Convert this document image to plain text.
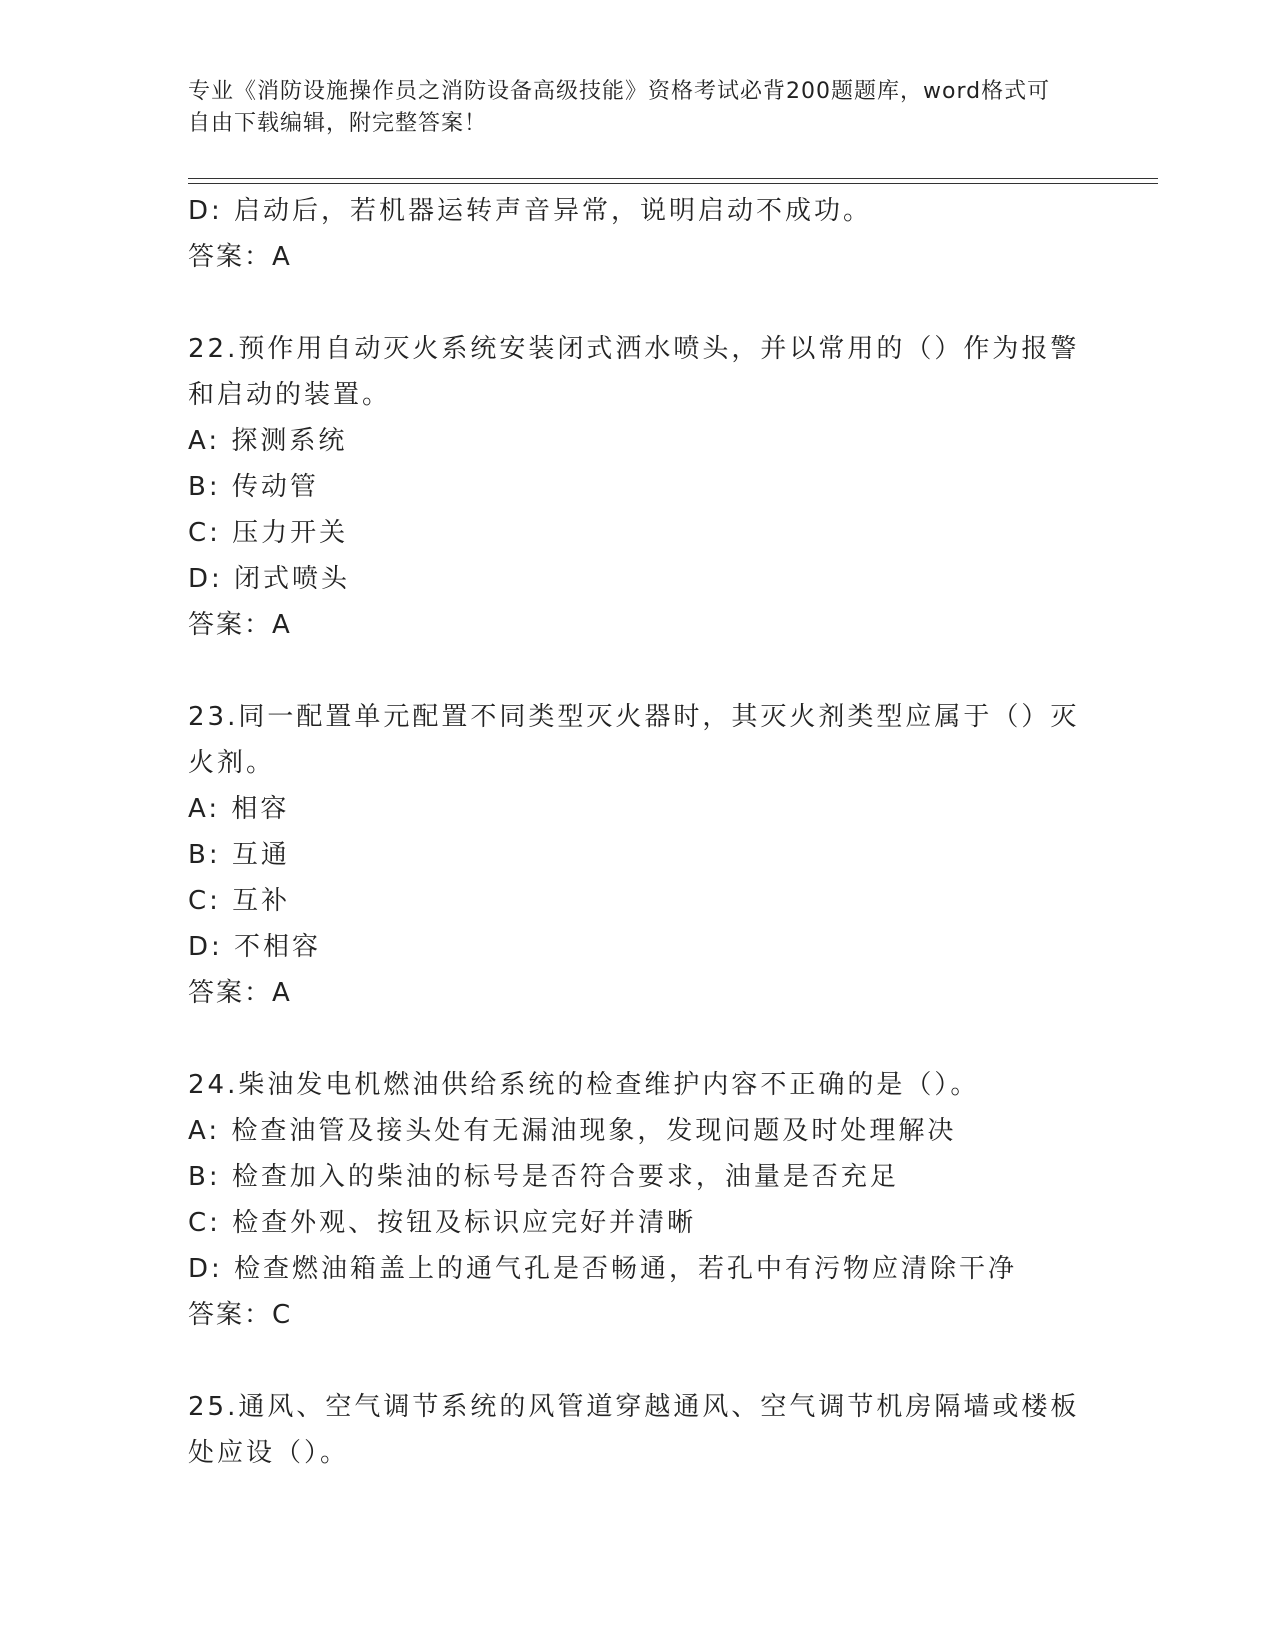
专业《消防设施操作员之消防设备高级技能》资格考试必背200题题库，word格式可自由下载编辑，附完整答案！
D: 启动后，若机器运转声音异常，说明启动不成功。
答案：A
22.预作用自动灭火系统安装闭式洒水喷头，并以常用的（）作为报警
和启动的装置。
A: 探测系统
B: 传动管
C: 压力开关
D: 闭式喷头
答案：A
23.同一配置单元配置不同类型灭火器时，其灭火剂类型应属于（）灭
火剂。
A: 相容
B: 互通
C: 互补
D: 不相容
答案：A
24.柴油发电机燃油供给系统的检查维护内容不正确的是（）。
A: 检查油管及接头处有无漏油现象，发现问题及时处理解决
B: 检查加入的柴油的标号是否符合要求，油量是否充足
C: 检查外观、按钮及标识应完好并清晰
D: 检查燃油箱盖上的通气孔是否畅通，若孔中有污物应清除干净
答案：C
25.通风、空气调节系统的风管道穿越通风、空气调节机房隔墙或楼板
处应设（）。
